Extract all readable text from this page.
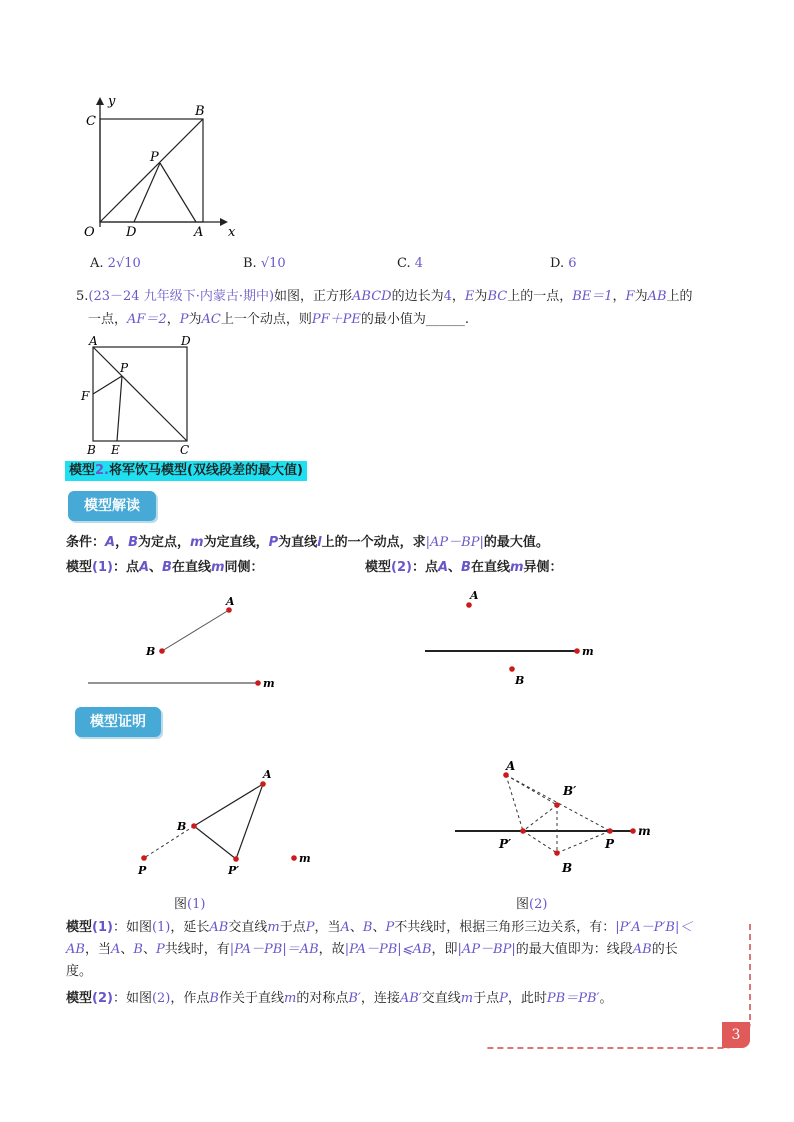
y
x
O
C
B
P
D	A
A. 2√10	B. √10	C. 4	D. 6
5.(23－24 九年级下·内蒙古·期中)如图，正方形ABCD的边长为4，E为BC上的一点，BE＝1，F为AB上的
一点，AF＝2，P为AC上一个动点，则PF＋PE的最小值为______.
A	D
P
F
B E	C
模型2.将军饮马模型(双线段差的最大值)
模型解读
条件：A，B为定点，m为定直线，P为直线l上的一个动点，求|AP－BP|的最大值。
模型(1)：点A、B在直线m同侧：	模型(2)：点A、B在直线m异侧：
A
B
m
A
B
m
模型证明
A
B
P	P′
m
A
B′
P′	P
B
m
图(1)	图(2)
模型(1)：如图(1)，延长AB交直线m于点P，当A、B、P不共线时，根据三角形三边关系，有：|P′A－P′B|＜
AB，当A、B、P共线时，有|PA－PB|＝AB，故|PA－PB|⩽AB，即|AP－BP|的最大值即为：线段AB的长
度。
模型(2)：如图(2)，作点B作关于直线m的对称点B′，连接AB′交直线m于点P，此时PB＝PB′。
3
